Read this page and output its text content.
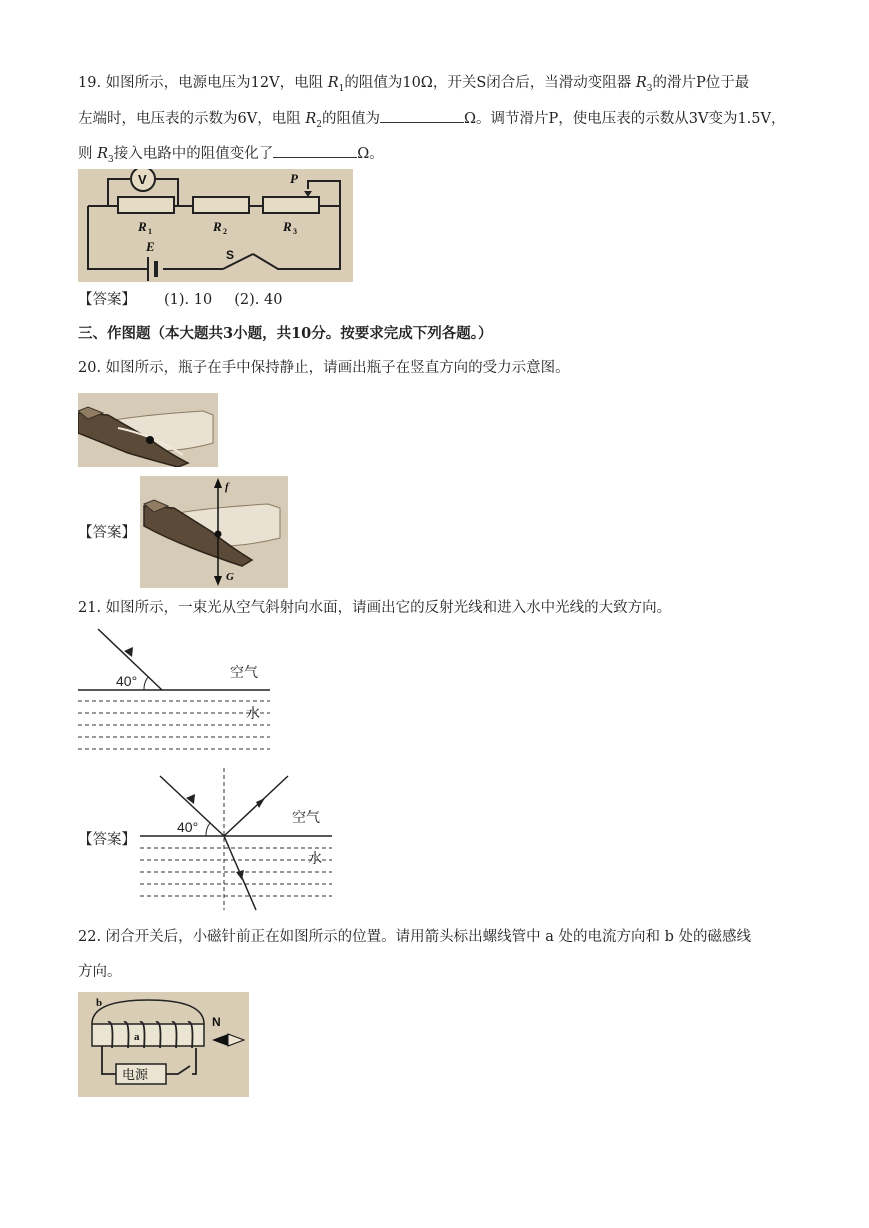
19. 如图所示，电源电压为12V，电阻 $R_1$的阻值为10Ω，开关S闭合后，当滑动变阻器 $R_3$的滑片P位于最
左端时，电压表的示数为6V，电阻 $R_2$的阻值为	Ω。调节滑片P，使电压表的示数从3V变为1.5V，
则 $R_3$接入电路中的阻值变化了	Ω。
V	P
R 1	R 2	R 3
E
S
【答案】 (1). 10 (2). 40
三、作图题（本大题共3小题，共10分。按要求完成下列各题。）
20. 如图所示，瓶子在手中保持静止，请画出瓶子在竖直方向的受力示意图。
【答案】
f
G
21. 如图所示，一束光从空气斜射向水面，请画出它的反射光线和进入水中光线的大致方向。
40°	空气
水
【答案】
40°
空气
水
22. 闭合开关后，小磁针前正在如图所示的位置。请用箭头标出螺线管中 a 处的电流方向和 b 处的磁感线
方向。
电源
b
a
N
